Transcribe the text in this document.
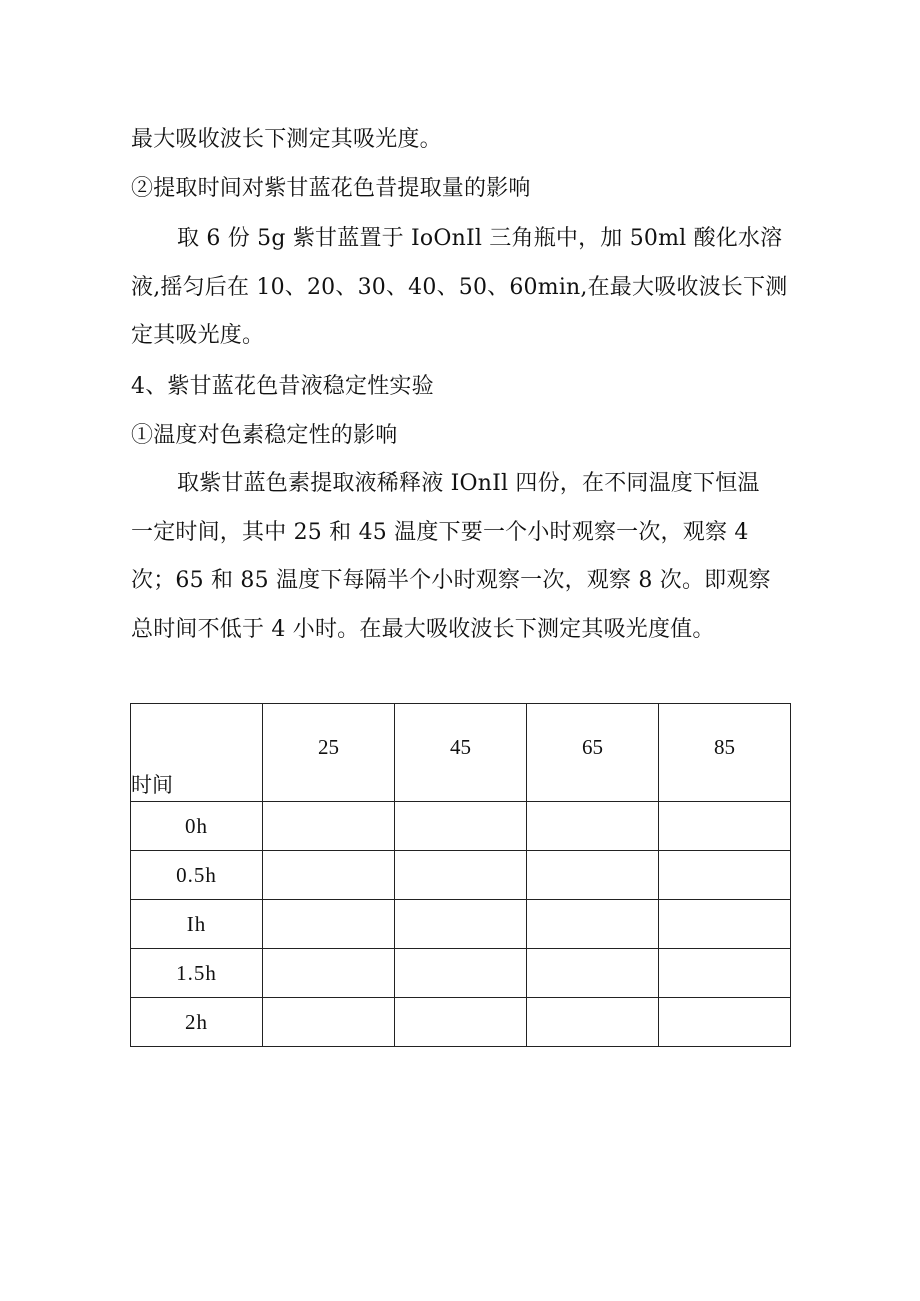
最大吸收波长下测定其吸光度。
②提取时间对紫甘蓝花色昔提取量的影响
取 6 份 5g 紫甘蓝置于 IoOnIl 三角瓶中，加 50ml 酸化水溶
液,摇匀后在 10、20、30、40、50、60min,在最大吸收波长下测
定其吸光度。
4、紫甘蓝花色昔液稳定性实验
①温度对色素稳定性的影响
取紫甘蓝色素提取液稀释液 IOnIl 四份，在不同温度下恒温
一定时间，其中 25 和 45 温度下要一个小时观察一次，观察 4
次；65 和 85 温度下每隔半个小时观察一次，观察 8 次。即观察
总时间不低于 4 小时。在最大吸收波长下测定其吸光度值。
时间	25	45	65	85

0h				
0.5h				
Ih				
1.5h				
2h				
